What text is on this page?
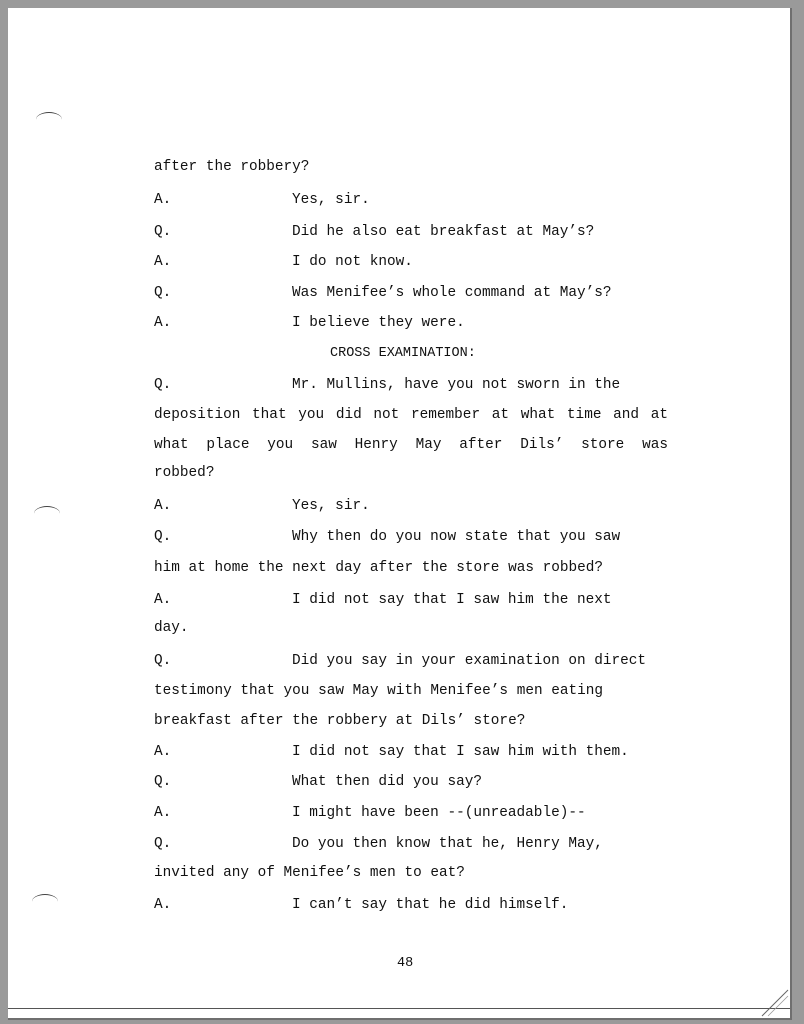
after the robbery?
A.	Yes, sir.
Q.	Did he also eat breakfast at May’s?
A.	I do not know.
Q.	Was Menifee’s whole command at May’s?
A.	I believe they were.
CROSS EXAMINATION:
Q.	Mr. Mullins, have you not sworn in the
deposition that you did not remember at what time and at
what place you saw Henry May after Dils’ store was
robbed?
A.	Yes, sir.
Q.	Why then do you now state that you saw
him at home the next day after the store was robbed?
A.	I did not say that I saw him the next
day.
Q.	Did you say in your examination on direct
testimony that you saw May with Menifee’s men eating
breakfast after the robbery at Dils’ store?
A.	I did not say that I saw him with them.
Q.	What then did you say?
A.	I might have been --(unreadable)--
Q.	Do you then know that he, Henry May,
invited any of Menifee’s men to eat?
A.	I can’t say that he did himself.
48
